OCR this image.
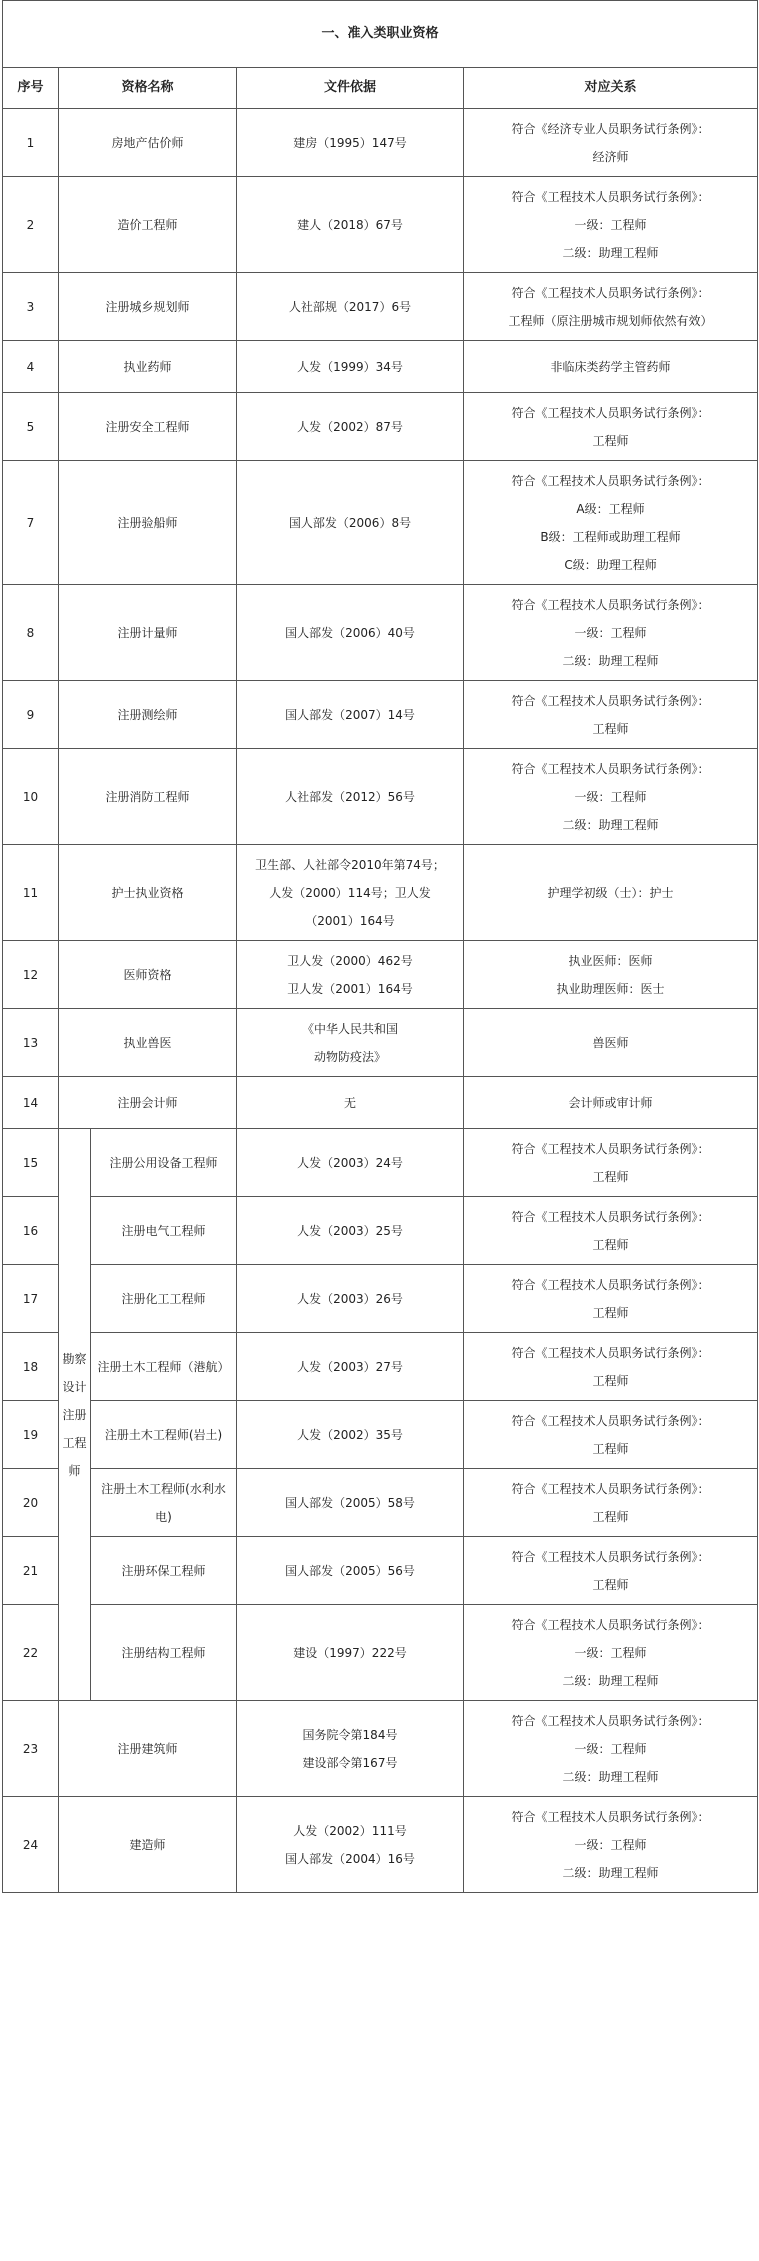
一、准入类职业资格				
序号	资格名称		文件依据	对应关系
1	房地产估价师		建房（1995）147号	符合《经济专业人员职务试行条例》：
经济师

2	造价工程师		建人（2018）67号	符合《工程技术人员职务试行条例》：
一级：工程师
二级：助理工程师

3	注册城乡规划师		人社部规（2017）6号	符合《工程技术人员职务试行条例》：
工程师（原注册城市规划师依然有效）

4	执业药师		人发（1999）34号	非临床类药学主管药师

5	注册安全工程师		人发（2002）87号	符合《工程技术人员职务试行条例》：
工程师

7	注册验船师		国人部发（2006）8号	符合《工程技术人员职务试行条例》：
A级：工程师
B级：工程师或助理工程师
C级：助理工程师

8	注册计量师		国人部发（2006）40号	符合《工程技术人员职务试行条例》：
一级：工程师
二级：助理工程师

9	注册测绘师		国人部发（2007）14号	符合《工程技术人员职务试行条例》：
工程师

10	注册消防工程师		人社部发（2012）56号	符合《工程技术人员职务试行条例》：
一级：工程师
二级：助理工程师

11	护士执业资格		卫生部、人社部令2010年第74号；
人发（2000）114号；卫人发
（2001）164号	护理学初级（士）：护士

12	医师资格		卫人发（2000）462号
卫人发（2001）164号	执业医师：医师
执业助理医师：医士

13	执业兽医		《中华人民共和国
动物防疫法》	兽医师

14	注册会计师		无	会计师或审计师

15	勘察设计注册工程师	注册公用设备工程师	人发（2003）24号	符合《工程技术人员职务试行条例》：
工程师

16		注册电气工程师	人发（2003）25号	符合《工程技术人员职务试行条例》：
工程师

17		注册化工工程师	人发（2003）26号	符合《工程技术人员职务试行条例》：
工程师

18		注册土木工程师（港航）	人发（2003）27号	符合《工程技术人员职务试行条例》：
工程师

19		注册土木工程师(岩土)	人发（2002）35号	符合《工程技术人员职务试行条例》：
工程师

20		注册土木工程师(水利水电)	国人部发（2005）58号	符合《工程技术人员职务试行条例》：
工程师

21		注册环保工程师	国人部发（2005）56号	符合《工程技术人员职务试行条例》：
工程师

22		注册结构工程师	建设（1997）222号	符合《工程技术人员职务试行条例》：
一级：工程师
二级：助理工程师

23	注册建筑师		国务院令第184号
建设部令第167号	符合《工程技术人员职务试行条例》：
一级：工程师
二级：助理工程师

24	建造师		人发（2002）111号
国人部发（2004）16号	符合《工程技术人员职务试行条例》：
一级：工程师
二级：助理工程师
